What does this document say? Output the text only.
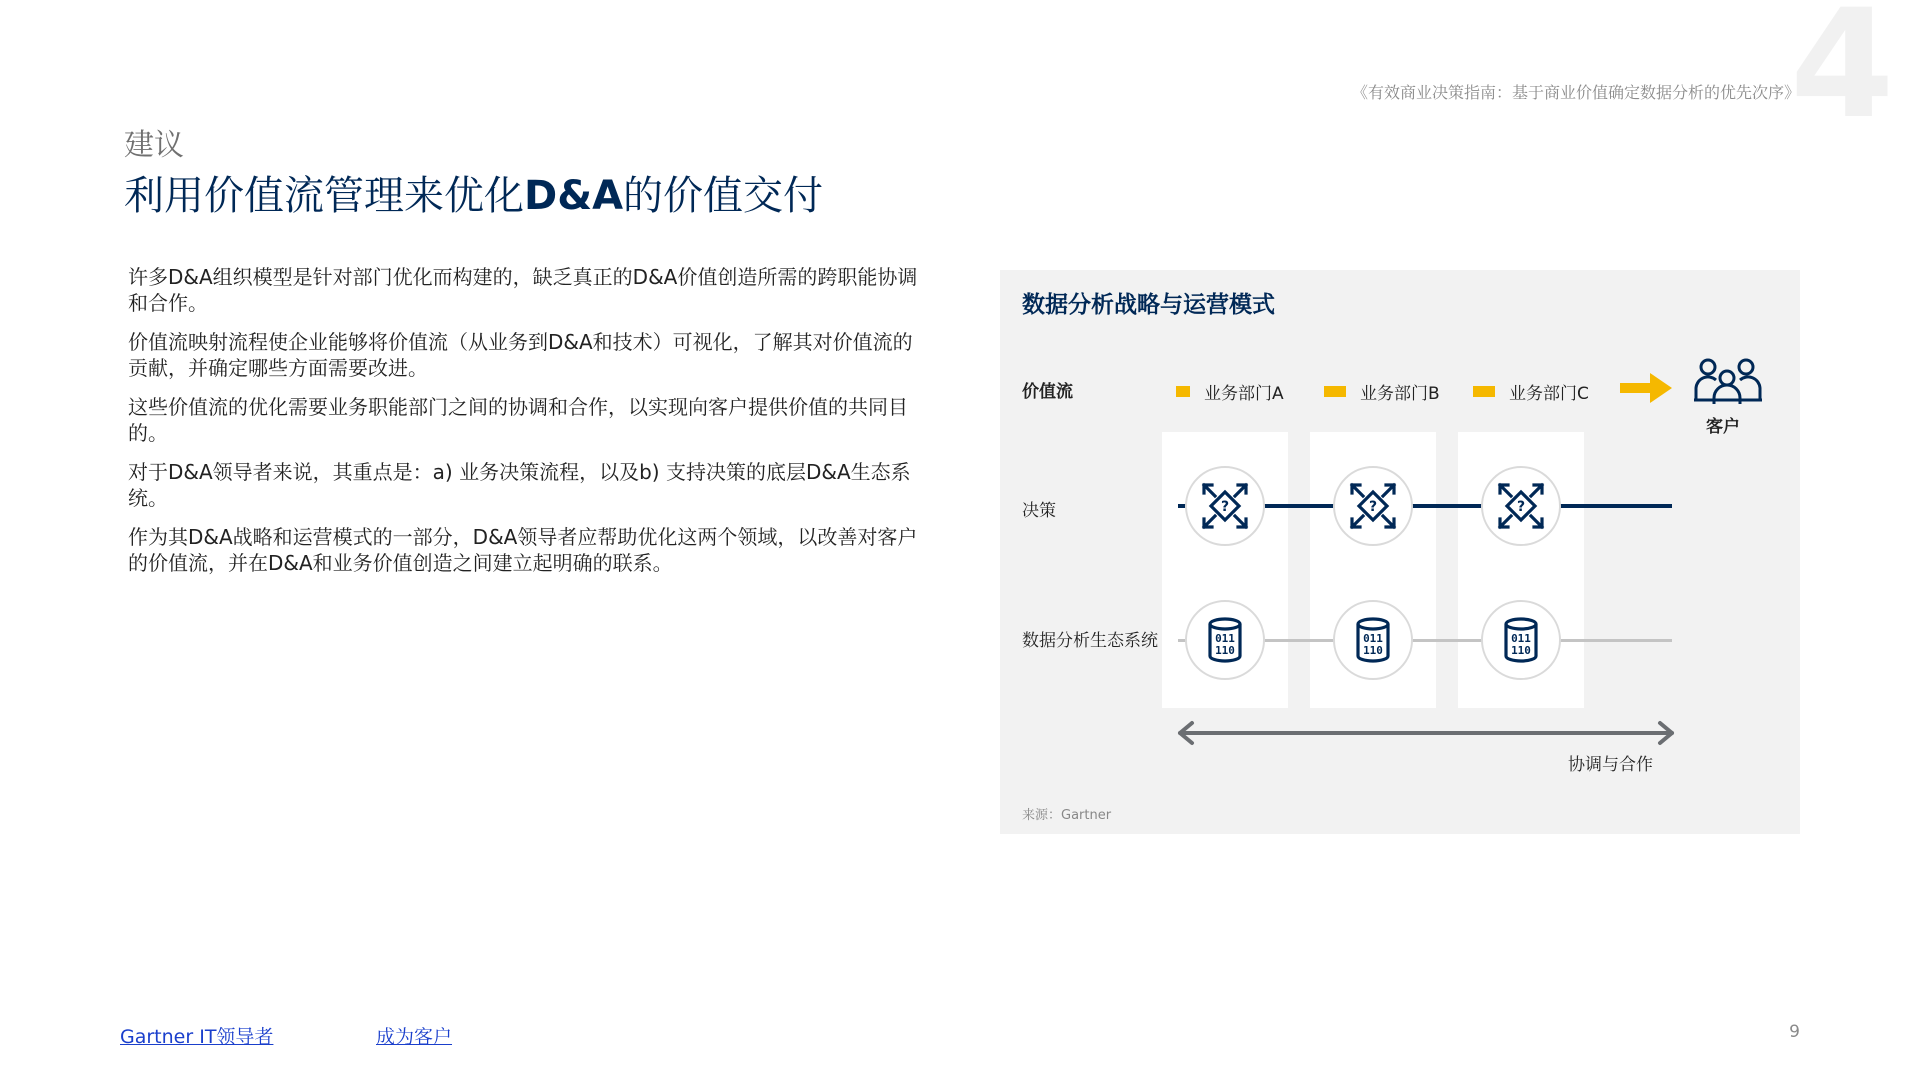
4
《有效商业决策指南：基于商业价值确定数据分析的优先次序》
建议
利用价值流管理来优化D&A的价值交付

许多D&A组织模型是针对部门优化而构建的，缺乏真正的D&A价值创造所需的跨职能协调和合作。

价值流映射流程使企业能够将价值流（从业务到D&A和技术）可视化，了解其对价值流的贡献，并确定哪些方面需要改进。

这些价值流的优化需要业务职能部门之间的协调和合作，以实现向客户提供价值的共同目的。

对于D&A领导者来说，其重点是：a) 业务决策流程，以及b) 支持决策的底层D&A生态系统。

作为其D&A战略和运营模式的一部分，D&A领导者应帮助优化这两个领域，以改善对客户的价值流，并在D&A和业务价值创造之间建立起明确的联系。

数据分析战略与运营模式
价值流
决策
数据分析生态系统
业务部门A	业务部门B	业务部门C
客户
?	?	?
011
110
011
110
011
110
协调与合作
来源：Gartner
Gartner IT领导者	成为客户	9
